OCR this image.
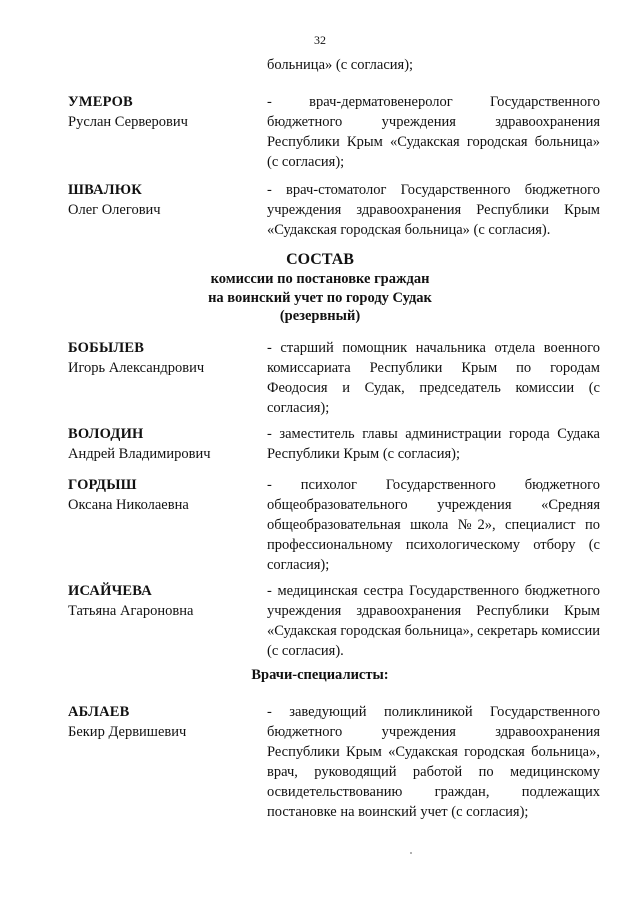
32
больница» (с согласия);
УМЕРОВ
Руслан Серверович
- врач-дерматовенеролог Государственного бюджетного учреждения здравоохранения Республики Крым «Судакская городская больница» (с согласия);
ШВАЛЮК
Олег Олегович
- врач-стоматолог Государственного бюджетного учреждения здравоохранения Республики Крым «Судакская городская больница» (с согласия).
СОСТАВ
комиссии по постановке граждан
на воинский учет по городу Судак
(резервный)
БОБЫЛЕВ
Игорь Александрович
- старший помощник начальника отдела военного комиссариата Республики Крым по городам Феодосия и Судак, председатель комиссии (с согласия);
ВОЛОДИН
Андрей Владимирович
- заместитель главы администрации города Судака Республики Крым (с согласия);
ГОРДЫШ
Оксана Николаевна
- психолог Государственного бюджетного общеобразовательного учреждения «Средняя общеобразовательная школа №2», специалист по профессиональному психологическому отбору (с согласия);
ИСАЙЧЕВА
Татьяна Агароновна
- медицинская сестра Государственного бюджетного учреждения здравоохранения Республики Крым «Судакская городская больница», секретарь комиссии (с согласия).
Врачи-специалисты:
АБЛАЕВ
Бекир Дервишевич
- заведующий поликлиникой Государственного бюджетного учреждения здравоохранения Республики Крым «Судакская городская больница», врач, руководящий работой по медицинскому освидетельствованию граждан, подлежащих постановке на воинский учет (с согласия);
